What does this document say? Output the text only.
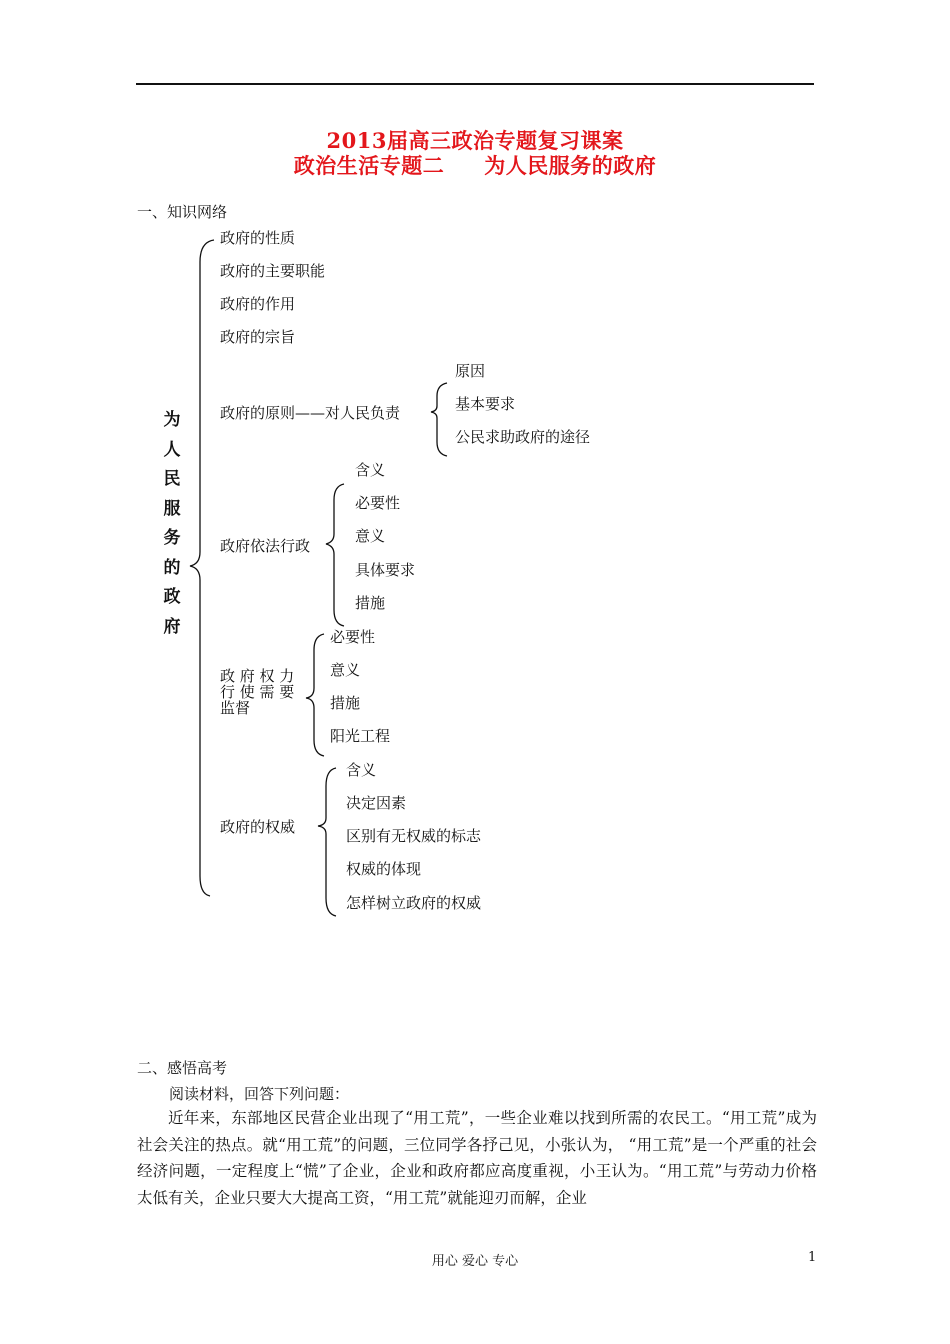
2013届高三政治专题复习课案
政治生活专题二 为人民服务的政府
一、知识网络
为
人
民
服
务
的
政
府
政府的性质
政府的主要职能
政府的作用
政府的宗旨
政府的原则——对人民负责
政府依法行政
政 府 权 力
行 使 需 要
监督
政府的权威
原因
基本要求
公民求助政府的途径
含义
必要性
意义
具体要求
措施
必要性
意义
措施
阳光工程
含义
决定因素
区别有无权威的标志
权威的体现
怎样树立政府的权威
二、感悟高考
阅读材料，回答下列问题：
近年来，东部地区民营企业出现了“用工荒”，一些企业难以找到所需的农民工。“用工荒”成为社会关注的热点。就“用工荒”的问题，三位同学各抒己见，小张认为， “用工荒”是一个严重的社会经济问题，一定程度上“慌”了企业，企业和政府都应高度重视，小王认为。“用工荒”与劳动力价格太低有关，企业只要大大提高工资，“用工荒”就能迎刃而解，企业
用心 爱心 专心	1
